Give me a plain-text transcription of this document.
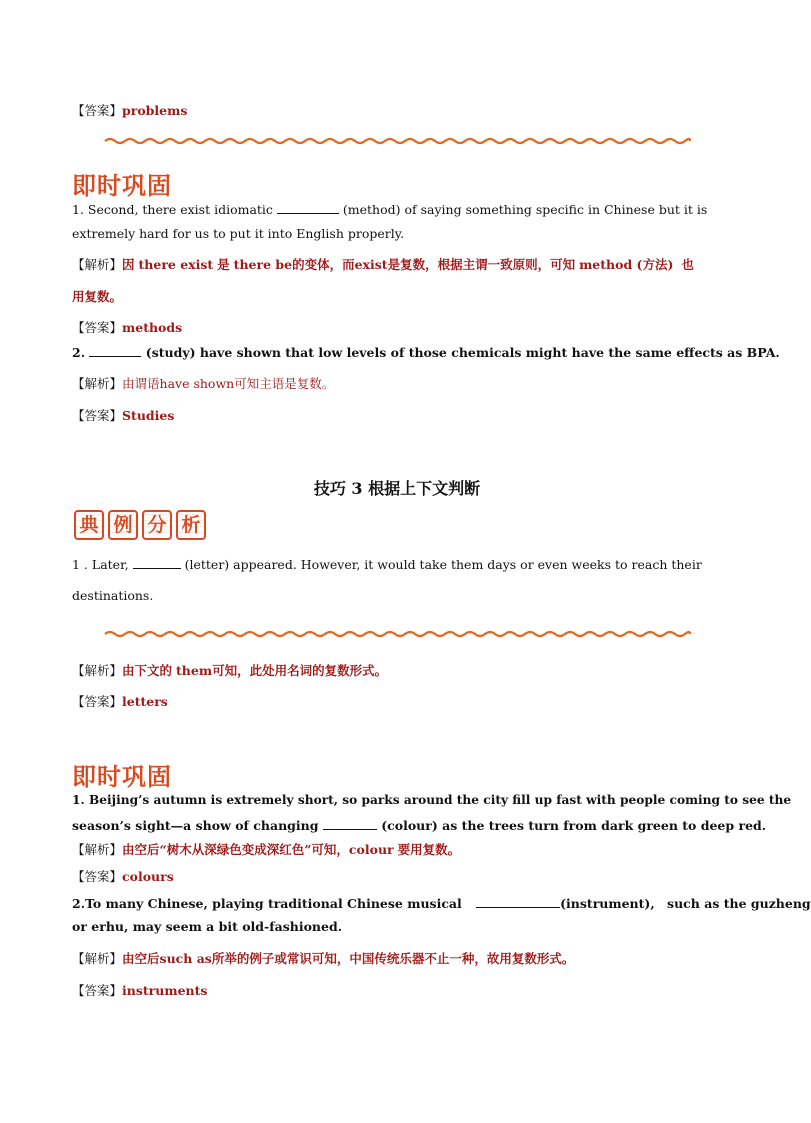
【答案】problems
即时巩固
1. Second, there exist idiomatic	(method) of saying something specific in Chinese but it is
extremely hard for us to put it into English properly.
【解析】因 there exist 是 there be的变体，而exist是复数，根据主谓一致原则，可知 method (方法) 也
用复数。
【答案】methods
2.	(study) have shown that low levels of those chemicals might have the same effects as BPA.
【解析】由谓语have shown可知主语是复数。
【答案】Studies
技巧 3 根据上下文判断
典 例 分 析
1 . Later,	(letter) appeared. However, it would take them days or even weeks to reach their
destinations.
【解析】由下文的 them可知，此处用名词的复数形式。
【答案】letters
即时巩固
1. Beijing’s autumn is extremely short, so parks around the city fill up fast with people coming to see the
season’s sight—a show of changing	(colour) as the trees turn from dark green to deep red.
【解析】由空后“树木从深绿色变成深红色”可知，colour 要用复数。
【答案】colours
2.To many Chinese, playing traditional Chinese musical	(instrument), such as the guzheng
or erhu, may seem a bit old-fashioned.
【解析】由空后such as所举的例子或常识可知，中国传统乐器不止一种，故用复数形式。
【答案】instruments
